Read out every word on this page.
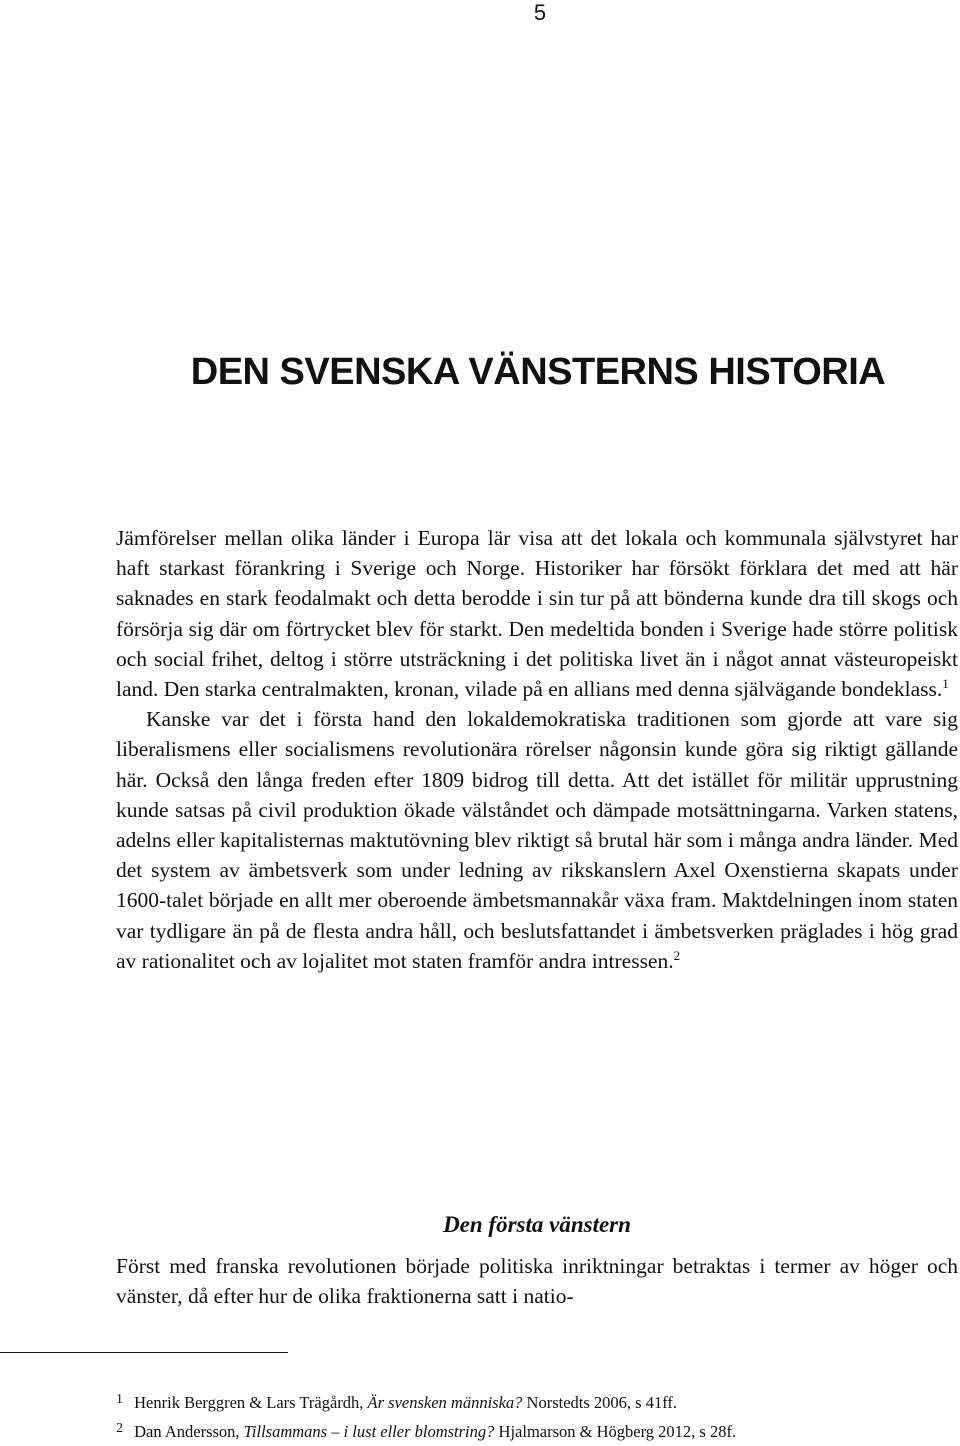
5
DEN SVENSKA VÄNSTERNS HISTORIA

Jämförelser mellan olika länder i Europa lär visa att det lokala och kommunala självstyret har haft starkast förankring i Sverige och Norge. Historiker har försökt förklara det med att här saknades en stark feodalmakt och detta berodde i sin tur på att bönderna kunde dra till skogs och försörja sig där om förtrycket blev för starkt. Den medeltida bonden i Sverige hade större politisk och social frihet, deltog i större utsträckning i det politiska livet än i något annat västeuropeiskt land. Den starka centralmakten, kronan, vilade på en allians med denna självägande bondeklass.$^1$

Kanske var det i första hand den lokaldemokratiska traditionen som gjorde att vare sig liberalismens eller socialismens revolutionära rörelser någonsin kunde göra sig riktigt gällande här. Också den långa freden efter 1809 bidrog till detta. Att det istället för militär upprustning kunde satsas på civil produktion ökade välståndet och dämpade motsättningarna. Varken statens, adelns eller kapitalisternas maktutövning blev riktigt så brutal här som i många andra länder. Med det system av ämbetsverk som under ledning av rikskanslern Axel Oxenstierna skapats under 1600-talet började en allt mer oberoende ämbetsmannakår växa fram. Maktdelningen inom staten var tydligare än på de flesta andra håll, och beslutsfattandet i ämbetsverken präglades i hög grad av rationalitet och av lojalitet mot staten framför andra intressen.$^2$

Den första vänstern

Först med franska revolutionen började politiska inriktningar betraktas i termer av höger och vänster, då efter hur de olika fraktionerna satt i natio-

1 Henrik Berggren & Lars Trägårdh, Är svensken människa? Norstedts 2006, s 41ff.
2 Dan Andersson, Tillsammans – i lust eller blomstring? Hjalmarson & Högberg 2012, s 28f.
